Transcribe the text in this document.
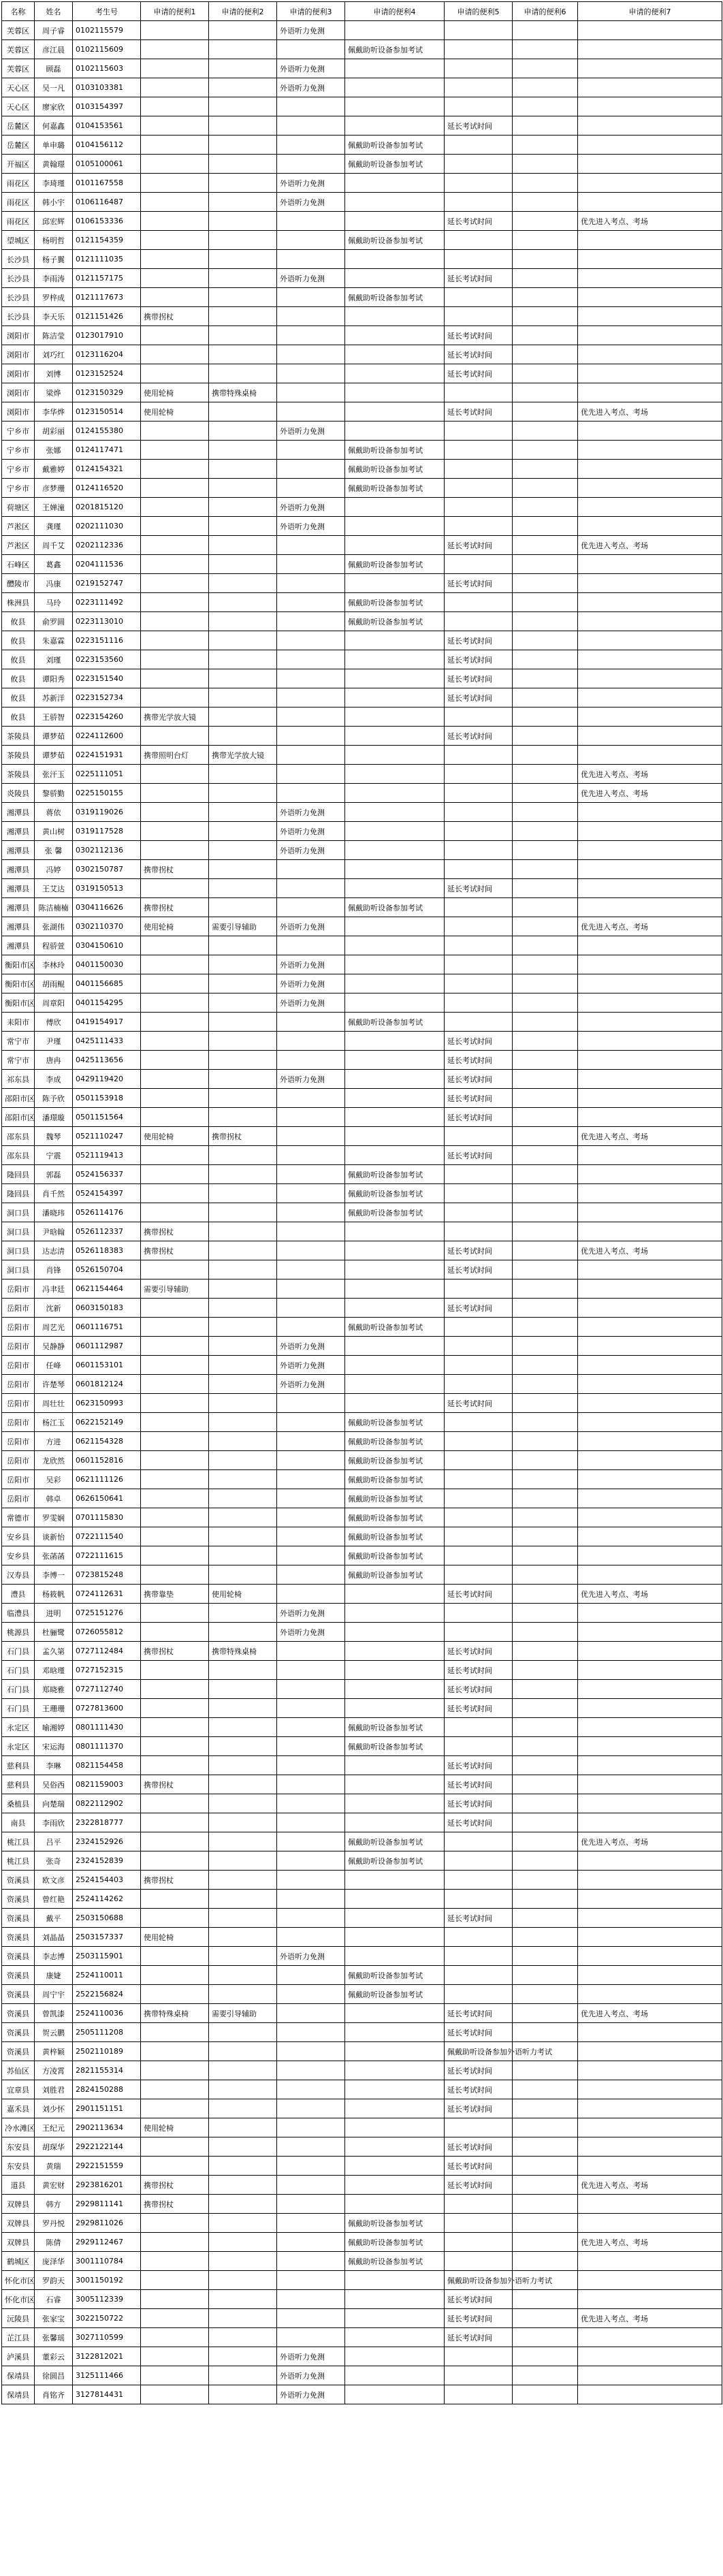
名称	姓名	考生号	申请的便利1	申请的便利2	申请的便利3	申请的便利4	申请的便利5	申请的便利6	申请的便利7
芙蓉区	周子睿	0102115579			外语听力免测				
芙蓉区	彦江晨	0102115609				佩戴助听设备参加考试			
芙蓉区	顾磊	0102115603			外语听力免测				
天心区	吴一凡	0103103381			外语听力免测				
天心区	廖家欣	0103154397							
岳麓区	何嘉鑫	0104153561					延长考试时间		
岳麓区	单申璐	0104156112				佩戴助听设备参加考试			
开福区	黄翰璟	0105100061				佩戴助听设备参加考试			
雨花区	李琦瑾	0101167558			外语听力免测				
雨花区	韩小宇	0106116487			外语听力免测				
雨花区	邱宏辉	0106153336					延长考试时间		优先进入考点、考场
望城区	杨明哲	0121154359				佩戴助听设备参加考试			
长沙县	杨子翼	0121111035							
长沙县	李雨涛	0121157175			外语听力免测		延长考试时间		
长沙县	罗梓成	0121117673				佩戴助听设备参加考试			
长沙县	李天乐	0121151426	携带拐杖						
浏阳市	陈洁莹	0123017910					延长考试时间		
浏阳市	刘巧红	0123116204					延长考试时间		
浏阳市	刘博	0123152524					延长考试时间		
浏阳市	梁烨	0123150329	使用轮椅	携带特殊桌椅					
浏阳市	李华烨	0123150514	使用轮椅				延长考试时间		优先进入考点、考场
宁乡市	胡彩丽	0124155380			外语听力免测				
宁乡市	张娜	0124117471				佩戴助听设备参加考试			
宁乡市	戴雅婷	0124154321				佩戴助听设备参加考试			
宁乡市	彦梦珊	0124116520				佩戴助听设备参加考试			
荷塘区	王婵潼	0201815120			外语听力免测				
芦淞区	龚瑾	0202111030			外语听力免测				
芦淞区	周千艾	0202112336					延长考试时间		优先进入考点、考场
石峰区	葛鑫	0204111536				佩戴助听设备参加考试			
醴陵市	冯康	0219152747					延长考试时间		
株洲县	马玲	0223111492				佩戴助听设备参加考试			
攸县	俞罗圆	0223113010				佩戴助听设备参加考试			
攸县	朱嘉霖	0223151116					延长考试时间		
攸县	刘瑾	0223153560					延长考试时间		
攸县	谭阳秀	0223151540					延长考试时间		
攸县	苏新洋	0223152734					延长考试时间		
攸县	王骄智	0223154260	携带光学放大镜						
茶陵县	谭梦茹	0224112600					延长考试时间		
茶陵县	谭梦茹	0224151931	携带照明台灯	携带光学放大镜					
茶陵县	张汗玉	0225111051							优先进入考点、考场
炎陵县	黎骄勤	0225150155							优先进入考点、考场
湘潭县	蒋依	0319119026			外语听力免测				
湘潭县	黄山树	0319117528			外语听力免测				
湘潭县	张 馨	0302112136			外语听力免测				
湘潭县	冯婷	0302150787	携带拐杖						
湘潭县	王艾达	0319150513					延长考试时间		
湘潭县	陈洁楠楠	0304116626	携带拐杖			佩戴助听设备参加考试			
湘潭县	张湖伟	0302110370	使用轮椅	需要引导辅助	外语听力免测				优先进入考点、考场
湘潭县	程骄萱	0304150610							
衡阳市区	李林玲	0401150030			外语听力免测				
衡阳市区	胡雨鲲	0401156685			外语听力免测				
衡阳市区	周章阳	0401154295			外语听力免测				
耒阳市	傅欣	0419154917				佩戴助听设备参加考试			
常宁市	尹瑾	0425111433					延长考试时间		
常宁市	唐冉	0425113656					延长考试时间		
祁东县	李成	0429119420			外语听力免测		延长考试时间		
邵阳市区	陈予欣	0501153918					延长考试时间		
邵阳市区	潘璟璇	0501151564					延长考试时间		
邵东县	魏琴	0521110247	使用轮椅	携带拐杖					优先进入考点、考场
邵东县	宁震	0521119413					延长考试时间		
隆回县	郭磊	0524156337				佩戴助听设备参加考试			
隆回县	肖千然	0524154397				佩戴助听设备参加考试			
洞口县	潘晓玮	0526114176				佩戴助听设备参加考试			
洞口县	尹晗翰	0526112337	携带拐杖						
洞口县	达志清	0526118383	携带拐杖				延长考试时间		优先进入考点、考场
洞口县	肖锋	0526150704					延长考试时间		
岳阳市	冯聿廷	0621154464	需要引导辅助						
岳阳市	沈新	0603150183					延长考试时间		
岳阳市	周艺光	0601116751				佩戴助听设备参加考试			
岳阳市	吴静静	0601112987			外语听力免测				
岳阳市	任峰	0601153101			外语听力免测				
岳阳市	许楚琴	0601812124			外语听力免测				
岳阳市	周壮壮	0623150993					延长考试时间		
岳阳市	杨江玉	0622152149				佩戴助听设备参加考试			
岳阳市	方进	0621154328				佩戴助听设备参加考试			
岳阳市	龙欣然	0601152816				佩戴助听设备参加考试			
岳阳市	吴彩	0621111126				佩戴助听设备参加考试			
岳阳市	韩卓	0626150641				佩戴助听设备参加考试			
常德市	罗雯娴	0701115830				佩戴助听设备参加考试			
安乡县	谈新怡	0722111540				佩戴助听设备参加考试			
安乡县	张菡菡	0722111615				佩戴助听设备参加考试			
汉寿县	李博一	0723815248				佩戴助听设备参加考试			
澧县	杨筱帆	0724112631	携带靠垫	使用轮椅			延长考试时间		优先进入考点、考场
临澧县	进明	0725151276			外语听力免测				
桃源县	杜骊鹭	0726055812			外语听力免测				
石门县	孟久第	0727112484	携带拐杖	携带特殊桌椅			延长考试时间		
石门县	邓晗瑾	0727152315					延长考试时间		
石门县	郑晓雅	0727112740					延长考试时间		
石门县	王珊珊	0727813600					延长考试时间		
永定区	喻湘婷	0801111430				佩戴助听设备参加考试			
永定区	宋运海	0801111370				佩戴助听设备参加考试			
慈利县	李琳	0821154458					延长考试时间		
慈利县	吴俗西	0821159003	携带拐杖				延长考试时间		
桑植县	向楚瑞	0822112902					延长考试时间		
南县	李雨欣	2322818777					延长考试时间		
桃江县	吕平	2324152926				佩戴助听设备参加考试			优先进入考点、考场
桃江县	张奇	2324152839				佩戴助听设备参加考试			
资溪县	欧文彦	2524154403	携带拐杖						
资溪县	曾红艳	2524114262							
资溪县	戴平	2503150688					延长考试时间		
资溪县	刘晶晶	2503157337	使用轮椅						
资溪县	李志博	2503115901			外语听力免测				
资溪县	康婕	2524110011				佩戴助听设备参加考试			
资溪县	周宁宇	2522156824				佩戴助听设备参加考试			
资溪县	曾凯漆	2524110036	携带特殊桌椅	需要引导辅助			延长考试时间		优先进入考点、考场
资溪县	贺云鹏	2505111208					延长考试时间		
资溪县	黄梓颖	2502110189					佩戴助听设备参加外语听力考试		
苏仙区	方凌霄	2821155314					延长考试时间		
宜章县	刘胜君	2824150288					延长考试时间		
嘉禾县	刘少怀	2901151151					延长考试时间		
冷水滩区	王纪元	2902113634	使用轮椅						
东安县	胡琛华	2922122144					延长考试时间		
东安县	黄瑞	2922151559					延长考试时间		
道县	黄宏财	2923816201	携带拐杖				延长考试时间		优先进入考点、考场
双牌县	韩方	2929811141	携带拐杖						
双牌县	罗丹悦	2929811026				佩戴助听设备参加考试			
双牌县	陈倩	2929112467				佩戴助听设备参加考试			优先进入考点、考场
鹤城区	庞泽华	3001110784				佩戴助听设备参加考试			
怀化市区	罗韵天	3001150192					佩戴助听设备参加外语听力考试		
怀化市区	石睿	3005112339					延长考试时间		
沅陵县	张家宝	3022150722					延长考试时间		优先进入考点、考场
芷江县	张馨瑶	3027110599					延长考试时间		
泸溪县	董彩云	3122812021			外语听力免测				
保靖县	徐圆昌	3125111466			外语听力免测				
保靖县	肖铭齐	3127814431			外语听力免测				
